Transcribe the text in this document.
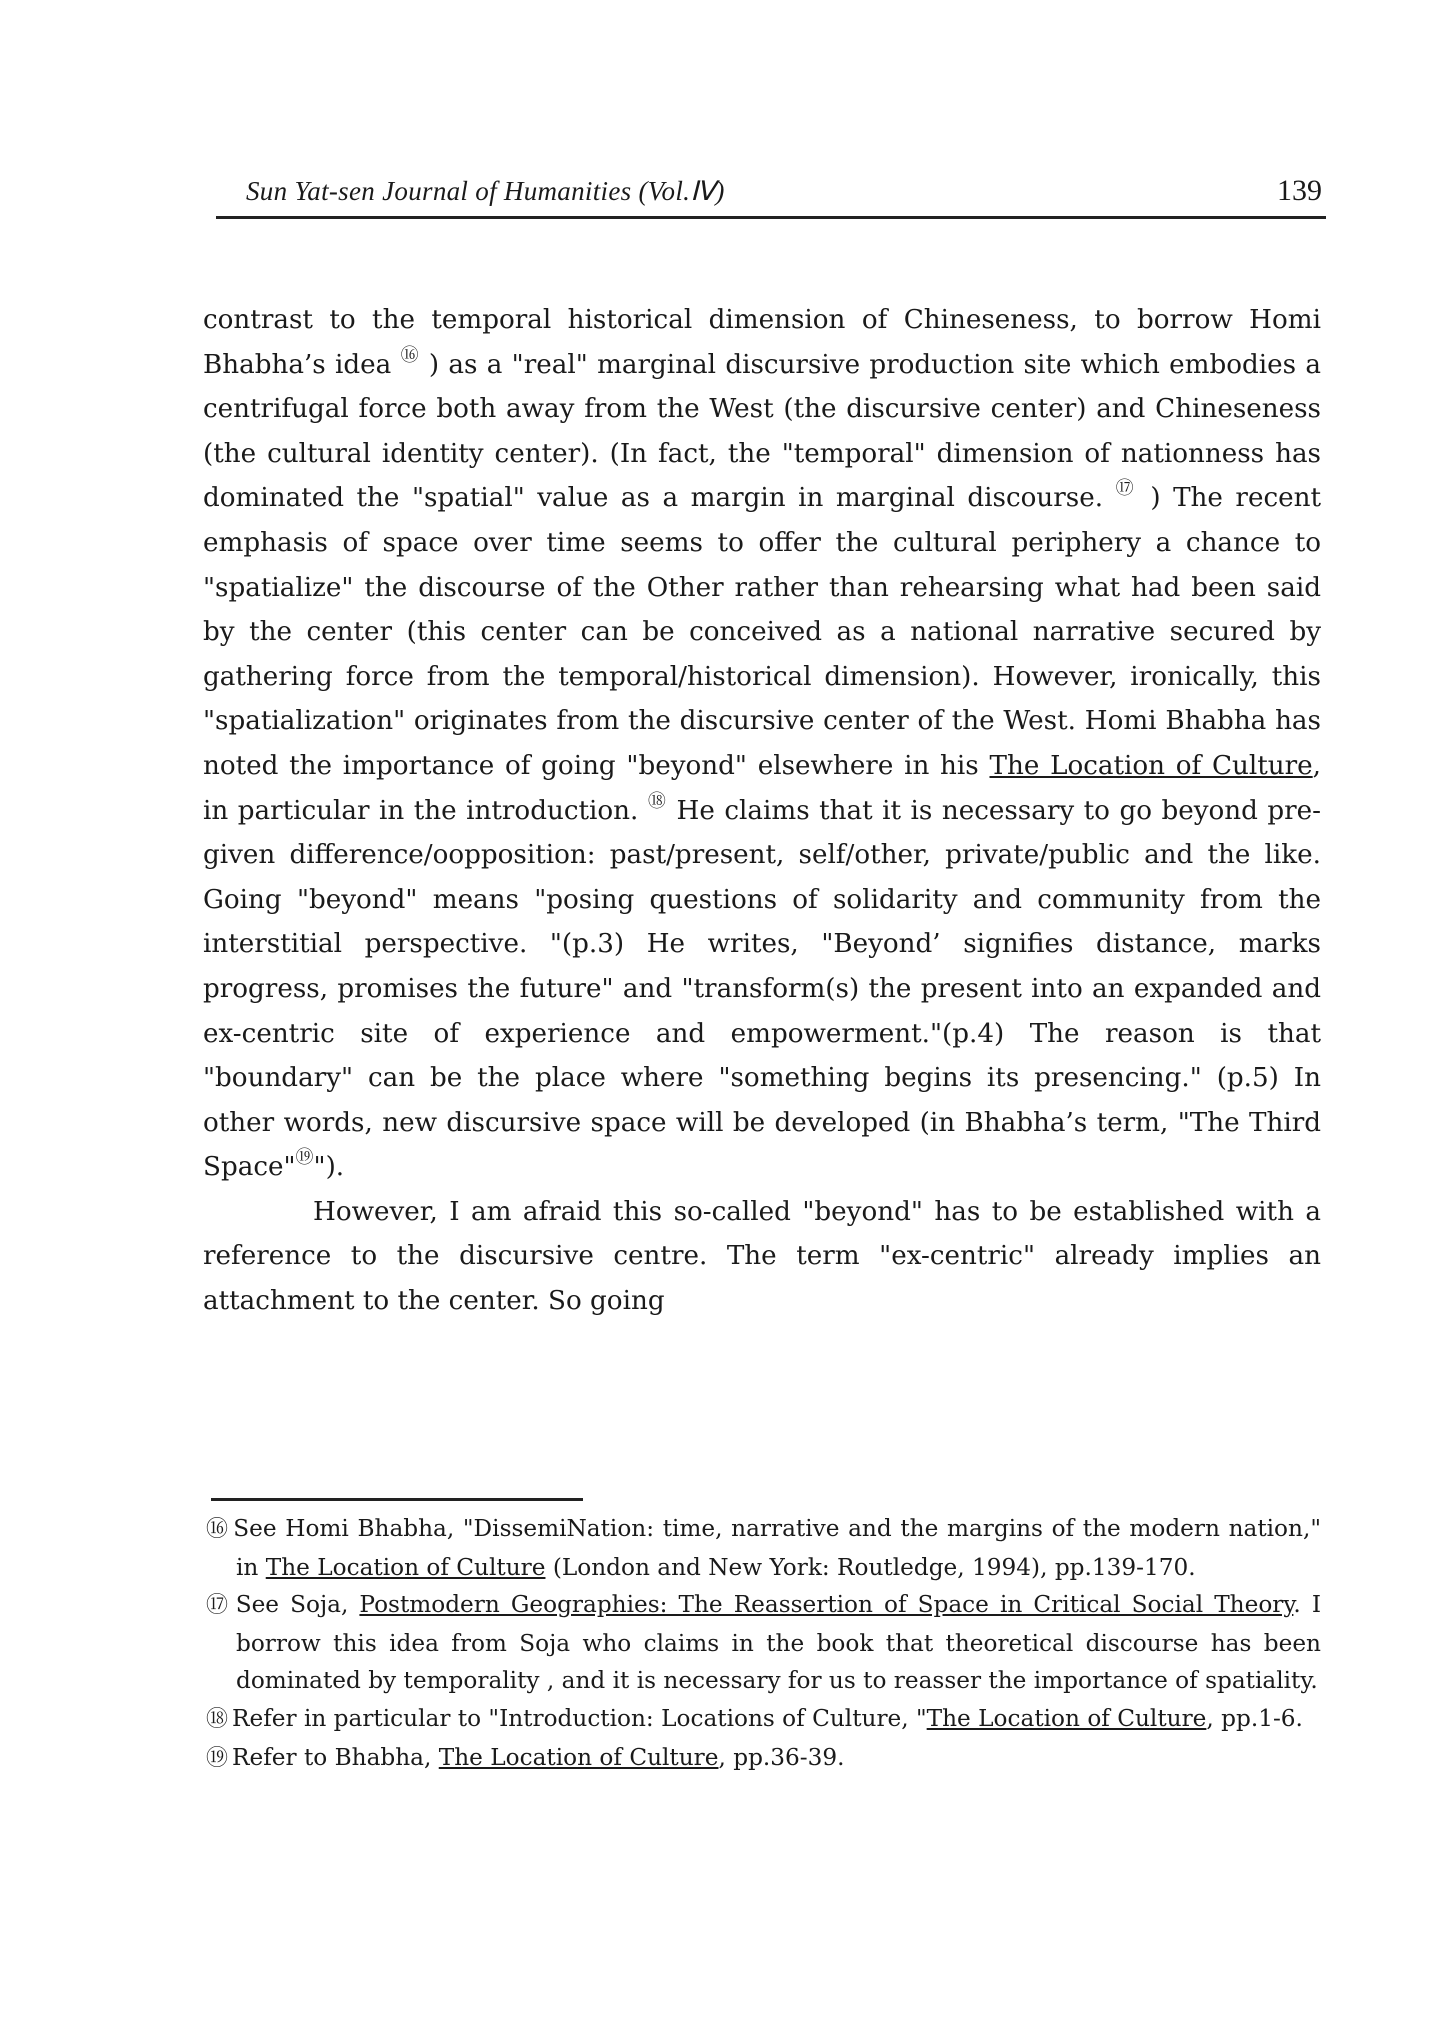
Sun Yat-sen Journal of Humanities (Vol.Ⅳ)	139

contrast to the temporal historical dimension of Chineseness, to borrow Homi Bhabha’s idea ⑯ ) as a "real" marginal discursive production site which embodies a centrifugal force both away from the West (the discursive center) and Chineseness (the cultural identity center). (In fact, the "temporal" dimension of nationness has dominated the "spatial" value as a margin in marginal discourse. ⑰ ) The recent emphasis of space over time seems to offer the cultural periphery a chance to "spatialize" the discourse of the Other rather than rehearsing what had been said by the center (this center can be conceived as a national narrative secured by gathering force from the temporal/historical dimension). However, ironically, this "spatialization" originates from the discursive center of the West. Homi Bhabha has noted the importance of going "beyond" elsewhere in his The Location of Culture, in particular in the introduction. ⑱ He claims that it is necessary to go beyond pre-given difference/oopposition: past/present, self/other, private/public and the like. Going "beyond" means "posing questions of solidarity and community from the interstitial perspective. "(p.3) He writes, "Beyond’ signifies distance, marks progress, promises the future" and "transform(s) the present into an expanded and ex-centric site of experience and empowerment."(p.4) The reason is that "boundary" can be the place where "something begins its presencing." (p.5) In other words, new discursive space will be developed (in Bhabha’s term, "The Third Space"⑲").

However, I am afraid this so-called "beyond" has to be established with a reference to the discursive centre. The term "ex-centric" already implies an attachment to the center. So going

⑯ See Homi Bhabha, "DissemiNation: time, narrative and the margins of the modern nation," in The Location of Culture (London and New York: Routledge, 1994), pp.139-170.

⑰ See Soja, Postmodern Geographies: The Reassertion of Space in Critical Social Theory. I borrow this idea from Soja who claims in the book that theoretical discourse has been dominated by temporality , and it is necessary for us to reasser the importance of spatiality.

⑱ Refer in particular to "Introduction: Locations of Culture, "The Location of Culture, pp.1-6.

⑲ Refer to Bhabha, The Location of Culture, pp.36-39.
